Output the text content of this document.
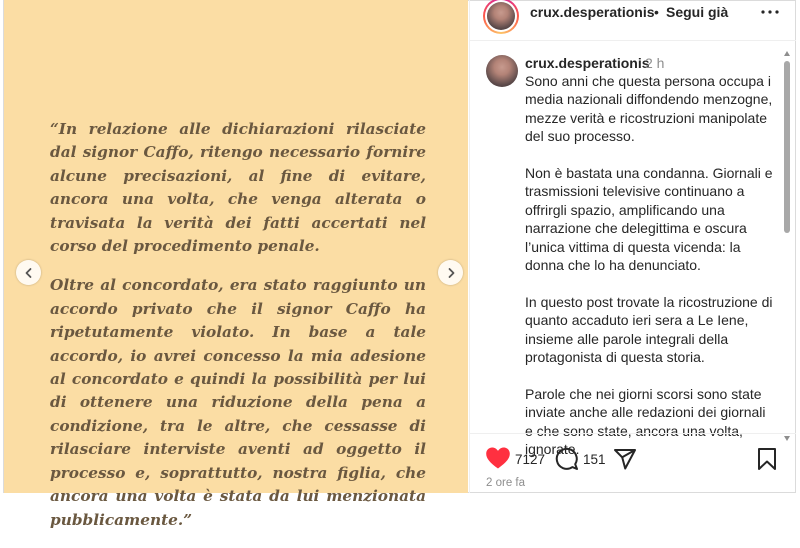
“In relazione alle dichiarazioni rilasciate dal signor Caffo, ritengo necessario fornire alcune precisazioni, al fine di evitare, ancora una volta, che venga alterata o travisata la verità dei fatti accertati nel corso del procedimento penale.

Oltre al concordato, era stato raggiunto un accordo privato che il signor Caffo ha ripetutamente violato. In base a tale accordo, io avrei concesso la mia adesione al concordato e quindi la possibilità per lui di ottenere una riduzione della pena a condizione, tra le altre, che cessasse di rilasciare interviste aventi ad oggetto il processo e, soprattutto, nostra figlia, che ancora una volta è stata da lui menzionata pubblicamente.”

crux.desperationis • Segui già
crux.desperationis
2 h

Sono anni che questa persona occupa i media nazionali diffondendo menzogne, mezze verità e ricostruzioni manipolate del suo processo.

Non è bastata una condanna. Giornali e trasmissioni televisive continuano a offrirgli spazio, amplificando una narrazione che delegittima e oscura l’unica vittima di questa vicenda: la donna che lo ha denunciato.

In questo post trovate la ricostruzione di quanto accaduto ieri sera a Le Iene, insieme alle parole integrali della protagonista di questa storia.

Parole che nei giorni scorsi sono state inviate anche alle redazioni dei giornali e che sono state, ancora una volta, ignorate.

7127	151
2 ore fa
